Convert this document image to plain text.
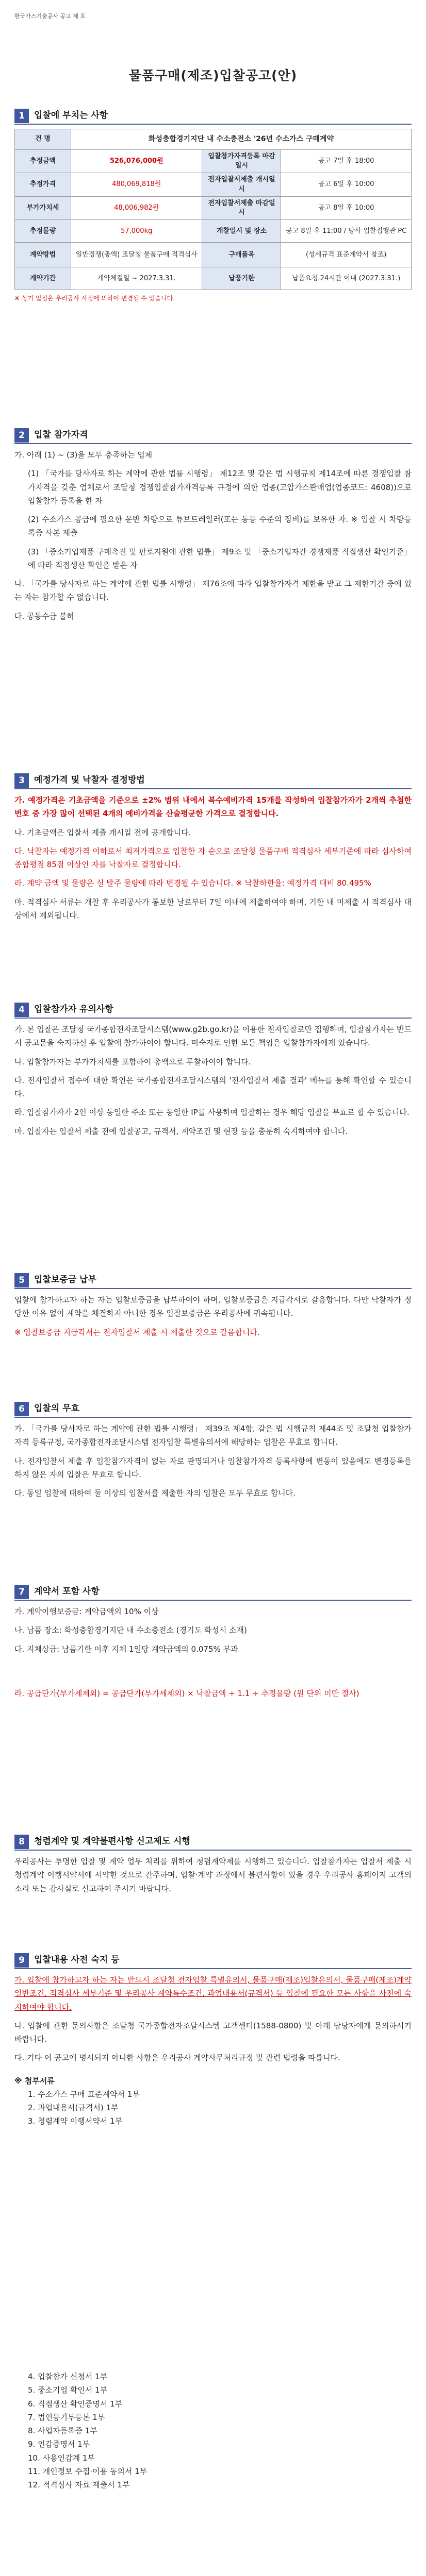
한국가스기술공사 공고 제 호
물품구매(제조)입찰공고(안)
1	입찰에 부치는 사항
건 명	화성충합경기지단 내 수소충전소 '26년 수소가스 구매계약		
추정금액	526,076,000원	입찰참가자격등록 마감일시	공고 7일 후 18:00
추정가격	480,069,818원	전자입찰서제출 개시일시	공고 6일 후 10:00
부가가치세	48,006,982원	전자입찰서제출 마감일시	공고 8일 후 10:00
추정물량	57,000kg	개찰일시 및 장소	공고 8일 후 11:00 / 당사 입찰집행관 PC
계약방법	일반경쟁(총액) 조달청 물품구매 적격심사	구매품목	(성세규격 표준계약서 참조)
계약기간	계약체결일 ~ 2027.3.31.	납품기한	납품요청 24시간 이내 (2027.3.31.)
※ 상기 일정은 우리공사 사정에 의하여 변경될 수 있습니다.
2	입찰 참가자격

가. 아래 (1) ~ (3)을 모두 충족하는 업체

(1) 「국가를 당사자로 하는 계약에 관한 법률 시행령」 제12조 및 같은 법 시행규칙 제14조에 따른 경쟁입찰 참가자격을 갖춘 업체로서 조달청 경쟁입찰참가자격등록 규정에 의한 업종(고압가스판매업(업종코드: 4608))으로 입찰참가 등록을 한 자

(2) 수소가스 공급에 필요한 운반 차량으로 튜브트레일러(또는 동등 수준의 장비)를 보유한 자. ※ 입찰 시 차량등록증 사본 제출

(3) 「중소기업제품 구매촉진 및 판로지원에 관한 법률」 제9조 및 「중소기업자간 경쟁제품 직접생산 확인기준」에 따라 직접생산 확인을 받은 자

나. 「국가를 당사자로 하는 계약에 관한 법률 시행령」 제76조에 따라 입찰참가자격 제한을 받고 그 제한기간 중에 있는 자는 참가할 수 없습니다.

다. 공동수급 불허

3	예정가격 및 낙찰자 결정방법

가. 예정가격은 기초금액을 기준으로 ±2% 범위 내에서 복수예비가격 15개를 작성하여 입찰참가자가 2개씩 추첨한 번호 중 가장 많이 선택된 4개의 예비가격을 산술평균한 가격으로 결정합니다.

나. 기초금액은 입찰서 제출 개시일 전에 공개합니다.

다. 낙찰자는 예정가격 이하로서 최저가격으로 입찰한 자 순으로 조달청 물품구매 적격심사 세부기준에 따라 심사하여 종합평점 85점 이상인 자를 낙찰자로 결정합니다.

라. 계약 금액 및 물량은 실 발주 물량에 따라 변경될 수 있습니다. ※ 낙찰하한율: 예정가격 대비 80.495%

마. 적격심사 서류는 개찰 후 우리공사가 통보한 날로부터 7일 이내에 제출하여야 하며, 기한 내 미제출 시 적격심사 대상에서 제외됩니다.

4	입찰참가자 유의사항

가. 본 입찰은 조달청 국가종합전자조달시스템(www.g2b.go.kr)을 이용한 전자입찰로만 집행하며, 입찰참가자는 반드시 공고문을 숙지하신 후 입찰에 참가하여야 합니다. 미숙지로 인한 모든 책임은 입찰참가자에게 있습니다.

나. 입찰참가자는 부가가치세를 포함하여 총액으로 투찰하여야 합니다.

다. 전자입찰서 접수에 대한 확인은 국가종합전자조달시스템의 '전자입찰서 제출 결과' 메뉴를 통해 확인할 수 있습니다.

라. 입찰참가자가 2인 이상 동일한 주소 또는 동일한 IP를 사용하여 입찰하는 경우 해당 입찰을 무효로 할 수 있습니다.

마. 입찰자는 입찰서 제출 전에 입찰공고, 규격서, 계약조건 및 현장 등을 충분히 숙지하여야 합니다.

5	입찰보증금 납부

입찰에 참가하고자 하는 자는 입찰보증금을 납부하여야 하며, 입찰보증금은 지급각서로 갈음합니다. 다만 낙찰자가 정당한 이유 없이 계약을 체결하지 아니한 경우 입찰보증금은 우리공사에 귀속됩니다.

※ 입찰보증금 지급각서는 전자입찰서 제출 시 제출한 것으로 갈음합니다.

6	입찰의 무효

가. 「국가를 당사자로 하는 계약에 관한 법률 시행령」 제39조 제4항, 같은 법 시행규칙 제44조 및 조달청 입찰참가자격 등록규정, 국가종합전자조달시스템 전자입찰 특별유의서에 해당하는 입찰은 무효로 합니다.

나. 전자입찰서 제출 후 입찰참가자격이 없는 자로 판명되거나 입찰참가자격 등록사항에 변동이 있음에도 변경등록을 하지 않은 자의 입찰은 무효로 합니다.

다. 동일 입찰에 대하여 둘 이상의 입찰서를 제출한 자의 입찰은 모두 무효로 합니다.

7	계약서 포함 사항

가. 계약이행보증금: 계약금액의 10% 이상

나. 납품 장소: 화성충합경기지단 내 수소충전소 (경기도 화성시 소재)

다. 지체상금: 납품기한 이후 지체 1일당 계약금액의 0.075% 부과

라. 공급단가(부가세제외) = 공급단가(부가세제외) × 낙찰금액 ÷ 1.1 ÷ 추정물량 (원 단위 미만 절사)

8	청렴계약 및 계약불편사항 신고제도 시행

우리공사는 투명한 입찰 및 계약 업무 처리를 위하여 청렴계약제를 시행하고 있습니다. 입찰참가자는 입찰서 제출 시 청렴계약 이행서약서에 서약한 것으로 간주하며, 입찰·계약 과정에서 불편사항이 있을 경우 우리공사 홈페이지 고객의 소리 또는 감사실로 신고하여 주시기 바랍니다.

9	입찰내용 사전 숙지 등

가. 입찰에 참가하고자 하는 자는 반드시 조달청 전자입찰 특별유의서, 물품구매(제조)입찰유의서, 물품구매(제조)계약일반조건, 적격심사 세부기준 및 우리공사 계약특수조건, 과업내용서(규격서) 등 입찰에 필요한 모든 사항을 사전에 숙지하여야 합니다.

나. 입찰에 관한 문의사항은 조달청 국가종합전자조달시스템 고객센터(1588-0800) 및 아래 담당자에게 문의하시기 바랍니다.

다. 기타 이 공고에 명시되지 아니한 사항은 우리공사 계약사무처리규정 및 관련 법령을 따릅니다.

※ 첨부서류
1. 수소가스 구매 표준계약서 1부
2. 과업내용서(규격서) 1부
3. 청렴계약 이행서약서 1부
4. 입찰참가 신청서 1부
5. 중소기업 확인서 1부
6. 직접생산 확인증명서 1부
7. 법인등기부등본 1부
8. 사업자등록증 1부
9. 인감증명서 1부
10. 사용인감계 1부
11. 개인정보 수집·이용 동의서 1부
12. 적격심사 자료 제출서 1부
